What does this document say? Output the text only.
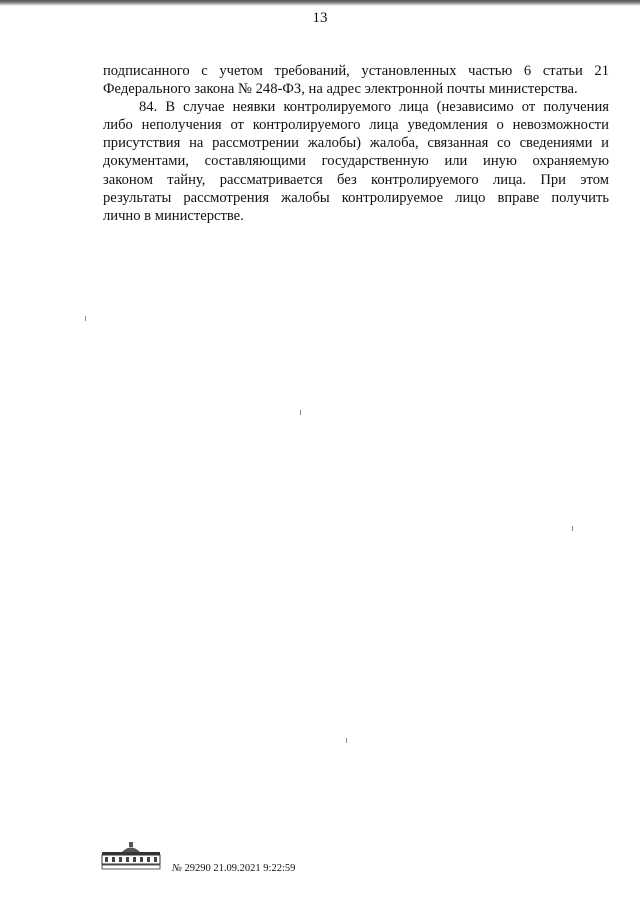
13
подписанного с учетом требований, установленных частью 6 статьи 21
Федерального закона № 248-ФЗ, на адрес электронной почты министерства.
84. В случае неявки контролируемого лица (независимо от получения
либо неполучения от контролируемого лица уведомления о невозможности
присутствия на рассмотрении жалобы) жалоба, связанная со сведениями и
документами, составляющими государственную или иную охраняемую
законом тайну, рассматривается без контролируемого лица. При этом
результаты рассмотрения жалобы контролируемое лицо вправе получить
лично в министерстве.
№ 29290 21.09.2021 9:22:59
